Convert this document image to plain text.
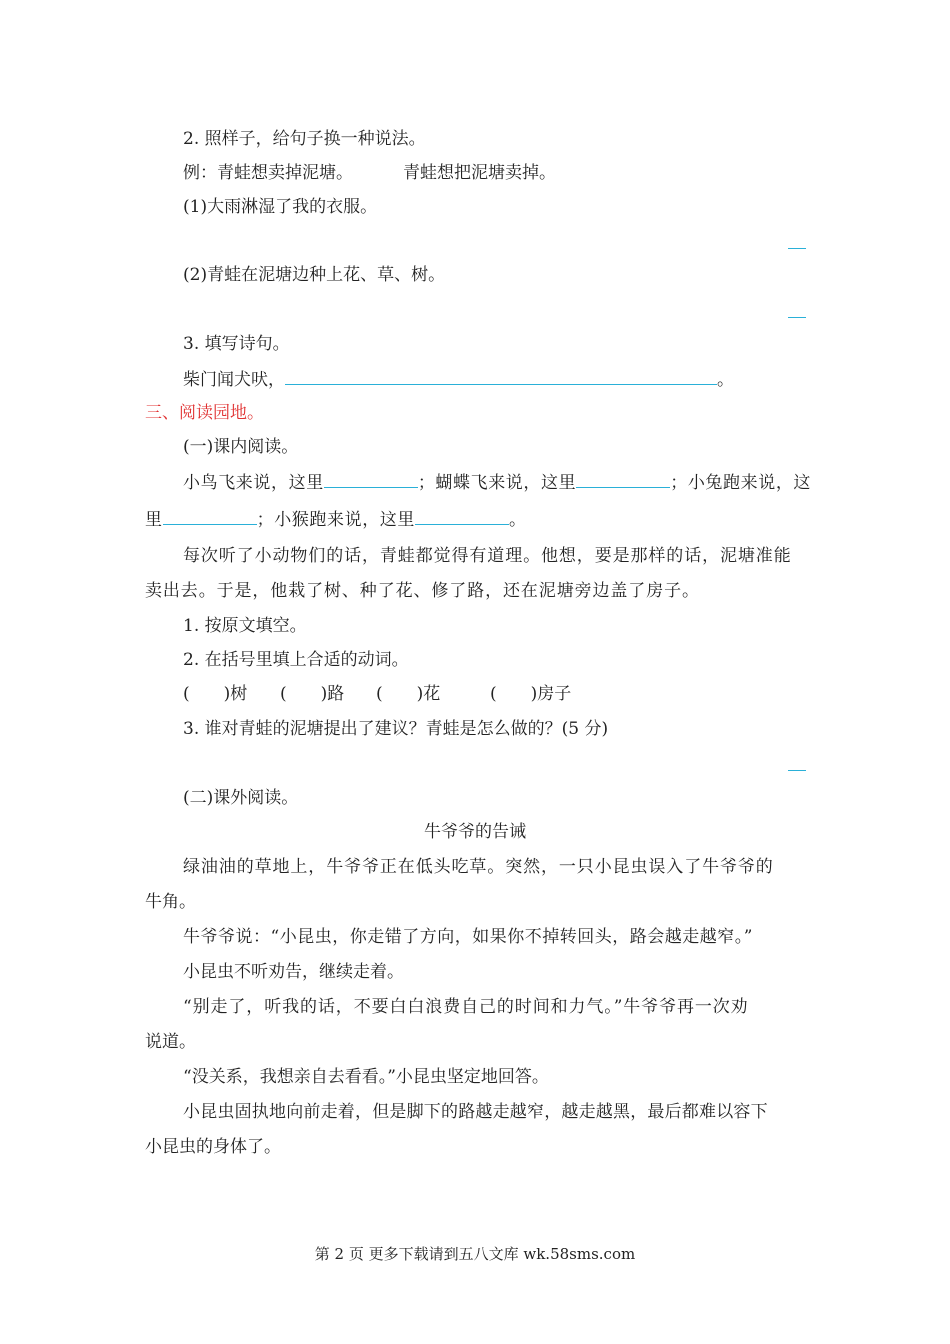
2. 照样子，给句子换一种说法。
例：青蛙想卖掉泥塘。	青蛙想把泥塘卖掉。
(1)大雨淋湿了我的衣服。
(2)青蛙在泥塘边种上花、草、树。
3. 填写诗句。
柴门闻犬吠，	。
三、阅读园地。
(一)课内阅读。
小鸟飞来说，这里	；蝴蝶飞来说，这里	；小兔跑来说，这
里	；小猴跑来说，这里	。
每次听了小动物们的话，青蛙都觉得有道理。他想，要是那样的话，泥塘准能
卖出去。于是，他栽了树、种了花、修了路，还在泥塘旁边盖了房子。
1. 按原文填空。
2. 在括号里填上合适的动词。
(　　)树 (　　)路 (　　)花	(　　)房子
3. 谁对青蛙的泥塘提出了建议？青蛙是怎么做的？(5 分)
(二)课外阅读。
牛爷爷的告诫
绿油油的草地上，牛爷爷正在低头吃草。突然，一只小昆虫误入了牛爷爷的
牛角。
牛爷爷说：“小昆虫，你走错了方向，如果你不掉转回头，路会越走越窄。”
小昆虫不听劝告，继续走着。
“别走了，听我的话，不要白白浪费自己的时间和力气。”牛爷爷再一次劝
说道。
“没关系，我想亲自去看看。”小昆虫坚定地回答。
小昆虫固执地向前走着，但是脚下的路越走越窄，越走越黑，最后都难以容下
小昆虫的身体了。
第 2 页 更多下载请到五八文库 wk.58sms.com
